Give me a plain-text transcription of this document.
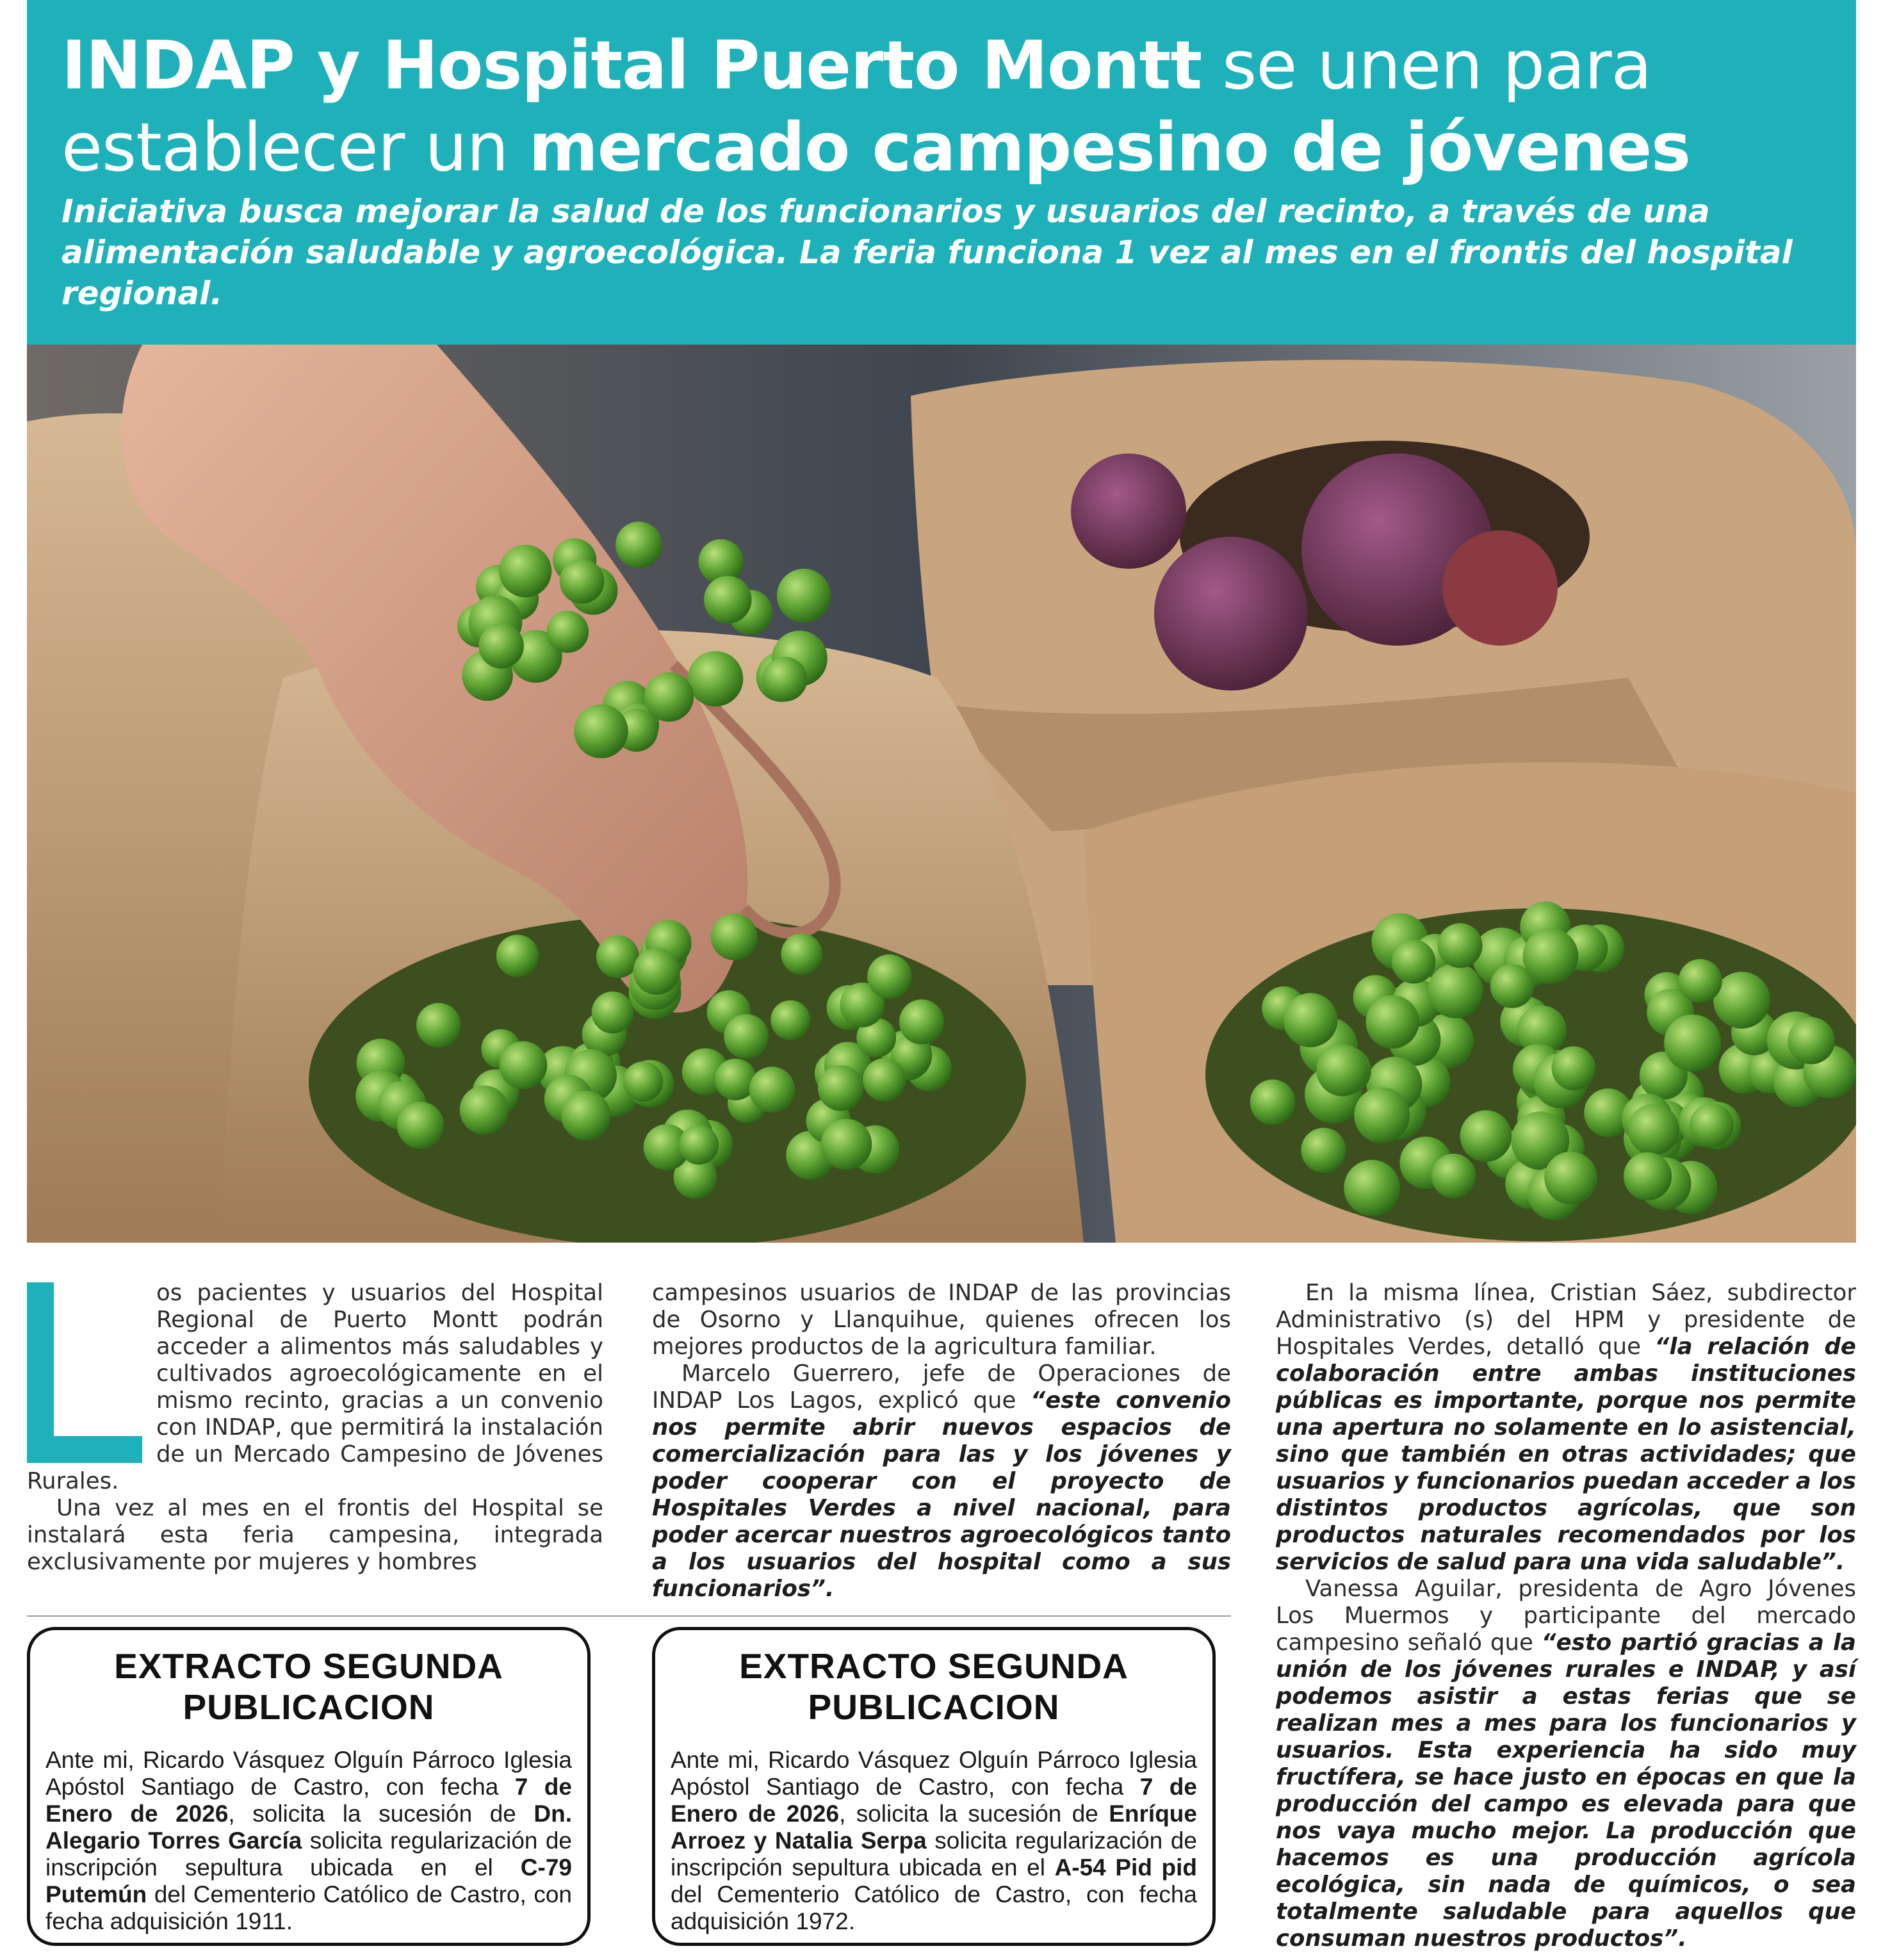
INDAP y Hospital Puerto Montt se unen para establecer un mercado campesino de jóvenes

Iniciativa busca mejorar la salud de los funcionarios y usuarios del recinto, a través de una alimentación saludable y agroecológica. La feria funciona 1 vez al mes en el frontis del hospital regional.

os pacientes y usuarios del Hospital Regional de Puerto Montt podrán acceder a alimentos más saludables y cultivados agroecológicamente en el mismo recinto, gracias a un convenio con INDAP, que permitirá la instalación de un Mercado Campesino de Jóvenes Rurales.

Una vez al mes en el frontis del Hospital se instalará esta feria campesina, integrada exclusivamente por mujeres y hombres

campesinos usuarios de INDAP de las provincias de Osorno y Llanquihue, quienes ofrecen los mejores productos de la agricultura familiar.

Marcelo Guerrero, jefe de Operaciones de INDAP Los Lagos, explicó que “este convenio nos permite abrir nuevos espacios de comercialización para las y los jóvenes y poder cooperar con el proyecto de Hospitales Verdes a nivel nacional, para poder acercar nuestros agroecológicos tanto a los usuarios del hospital como a sus funcionarios”.

En la misma línea, Cristian Sáez, subdirector Administrativo (s) del HPM y presidente de Hospitales Verdes, detalló que “la relación de colaboración entre ambas instituciones públicas es importante, porque nos permite una apertura no solamente en lo asistencial, sino que también en otras actividades; que usuarios y funcionarios puedan acceder a los distintos productos agrícolas, que son productos naturales recomendados por los servicios de salud para una vida saludable”.

Vanessa Aguilar, presidenta de Agro Jóvenes Los Muermos y participante del mercado campesino señaló que “esto partió gracias a la unión de los jóvenes rurales e INDAP, y así podemos asistir a estas ferias que se realizan mes a mes para los funcionarios y usuarios. Esta experiencia ha sido muy fructífera, se hace justo en épocas en que la producción del campo es elevada para que nos vaya mucho mejor. La producción que hacemos es una producción agrícola ecológica, sin nada de químicos, o sea totalmente saludable para aquellos que consuman nuestros productos”.

EXTRACTO SEGUNDA
PUBLICACION

Ante mi, Ricardo Vásquez Olguín Párroco Iglesia Apóstol Santiago de Castro, con fecha 7 de Enero de 2026, solicita la sucesión de Dn. Alegario Torres García solicita regularización de inscripción sepultura ubicada en el C-79 Putemún del Cementerio Católico de Castro, con fecha adquisición 1911.

EXTRACTO SEGUNDA
PUBLICACION

Ante mi, Ricardo Vásquez Olguín Párroco Iglesia Apóstol Santiago de Castro, con fecha 7 de Enero de 2026, solicita la sucesión de Enríque Arroez y Natalia Serpa solicita regularización de inscripción sepultura ubicada en el A-54 Pid pid del Cementerio Católico de Castro, con fecha adquisición 1972.
